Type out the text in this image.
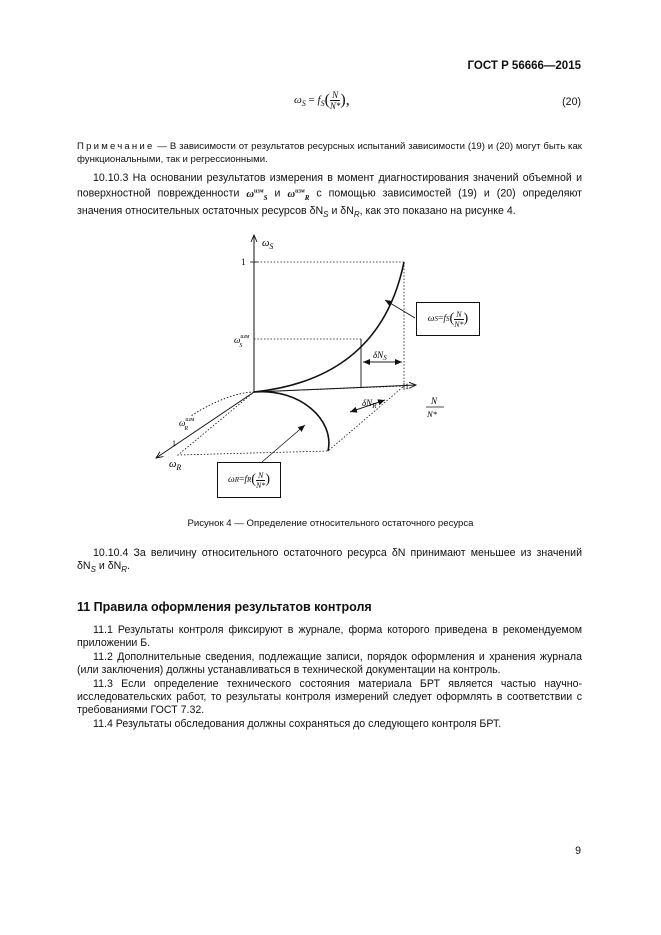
ГОСТ Р 56666—2015
$\omega_S = f_S( \frac{N}{N*}$ ),	(20)
Примечание — В зависимости от результатов ресурсных испытаний зависимости (19) и (20) могут быть как функциональными, так и регрессионными.
10.10.3 На основании результатов измерения в момент диагностирования значений объемной и поверхностной поврежденности $\omega^{изм}_S$ и $\omega^{изм}_R$ с помощью зависимостей (19) и (20) определяют значения относительных остаточных ресурсов $\delta N_S$ и $\delta N_R$, как это показано на рисунке 4.
$\omega_S$
1
$\omega^{изм}$ S
$\delta N_S$
1
N
N*
$\delta N_R$
$\omega^{изм}$ R
1
$\omega_R$
ω S = f S ( N
N* )
ω R = f R ( N
N* )
Рисунок 4 — Определение относительного остаточного ресурса
10.10.4 За величину относительного остаточного ресурса δN принимают меньшее из значений $\delta N_S$ и $\delta N_R$.
11 Правила оформления результатов контроля
11.1 Результаты контроля фиксируют в журнале, форма которого приведена в рекомендуемом приложении Б.
11.2 Дополнительные сведения, подлежащие записи, порядок оформления и хранения журнала (или заключения) должны устанавливаться в технической документации на контроль.
11.3 Если определение технического состояния материала БРТ является частью научно-исследовательских работ, то результаты контроля измерений следует оформлять в соответствии с требованиями ГОСТ 7.32.
11.4 Результаты обследования должны сохраняться до следующего контроля БРТ.
9
